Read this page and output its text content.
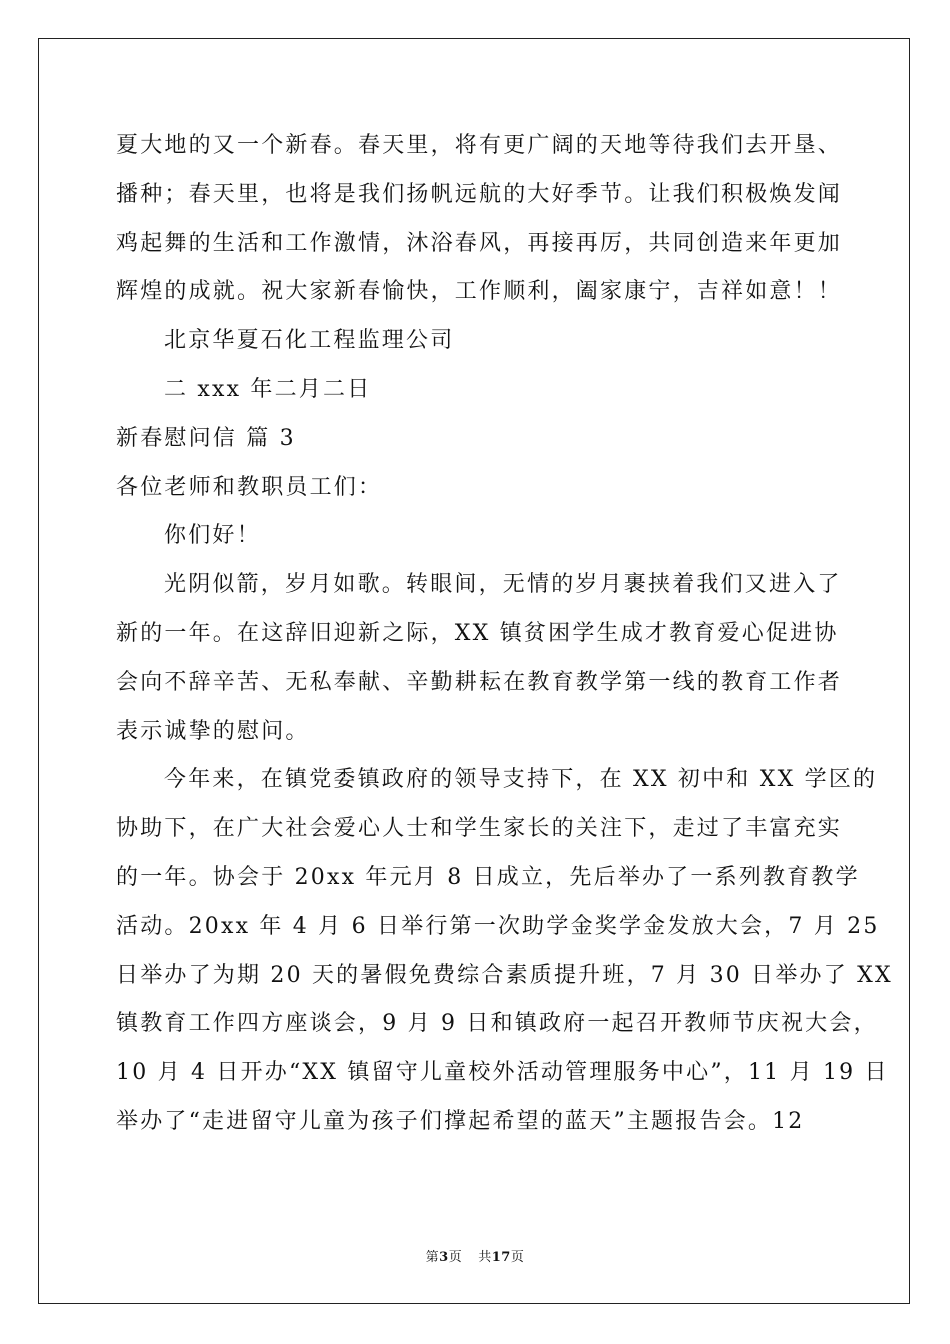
夏大地的又一个新春。春天里，将有更广阔的天地等待我们去开垦、
播种；春天里，也将是我们扬帆远航的大好季节。让我们积极焕发闻
鸡起舞的生活和工作激情，沐浴春风，再接再厉，共同创造来年更加
辉煌的成就。祝大家新春愉快，工作顺利，阖家康宁，吉祥如意！！
北京华夏石化工程监理公司
二 xxx 年二月二日
新春慰问信 篇 3
各位老师和教职员工们：
你们好！
光阴似箭，岁月如歌。转眼间，无情的岁月裹挟着我们又进入了
新的一年。在这辞旧迎新之际，XX 镇贫困学生成才教育爱心促进协
会向不辞辛苦、无私奉献、辛勤耕耘在教育教学第一线的教育工作者
表示诚挚的慰问。
今年来，在镇党委镇政府的领导支持下，在 XX 初中和 XX 学区的
协助下，在广大社会爱心人士和学生家长的关注下，走过了丰富充实
的一年。协会于 20xx 年元月 8 日成立，先后举办了一系列教育教学
活动。20xx 年 4 月 6 日举行第一次助学金奖学金发放大会，7 月 25
日举办了为期 20 天的暑假免费综合素质提升班，7 月 30 日举办了 XX
镇教育工作四方座谈会，9 月 9 日和镇政府一起召开教师节庆祝大会，
10 月 4 日开办“XX 镇留守儿童校外活动管理服务中心”，11 月 19 日
举办了“走进留守儿童为孩子们撑起希望的蓝天”主题报告会。12
第3页 共17页
